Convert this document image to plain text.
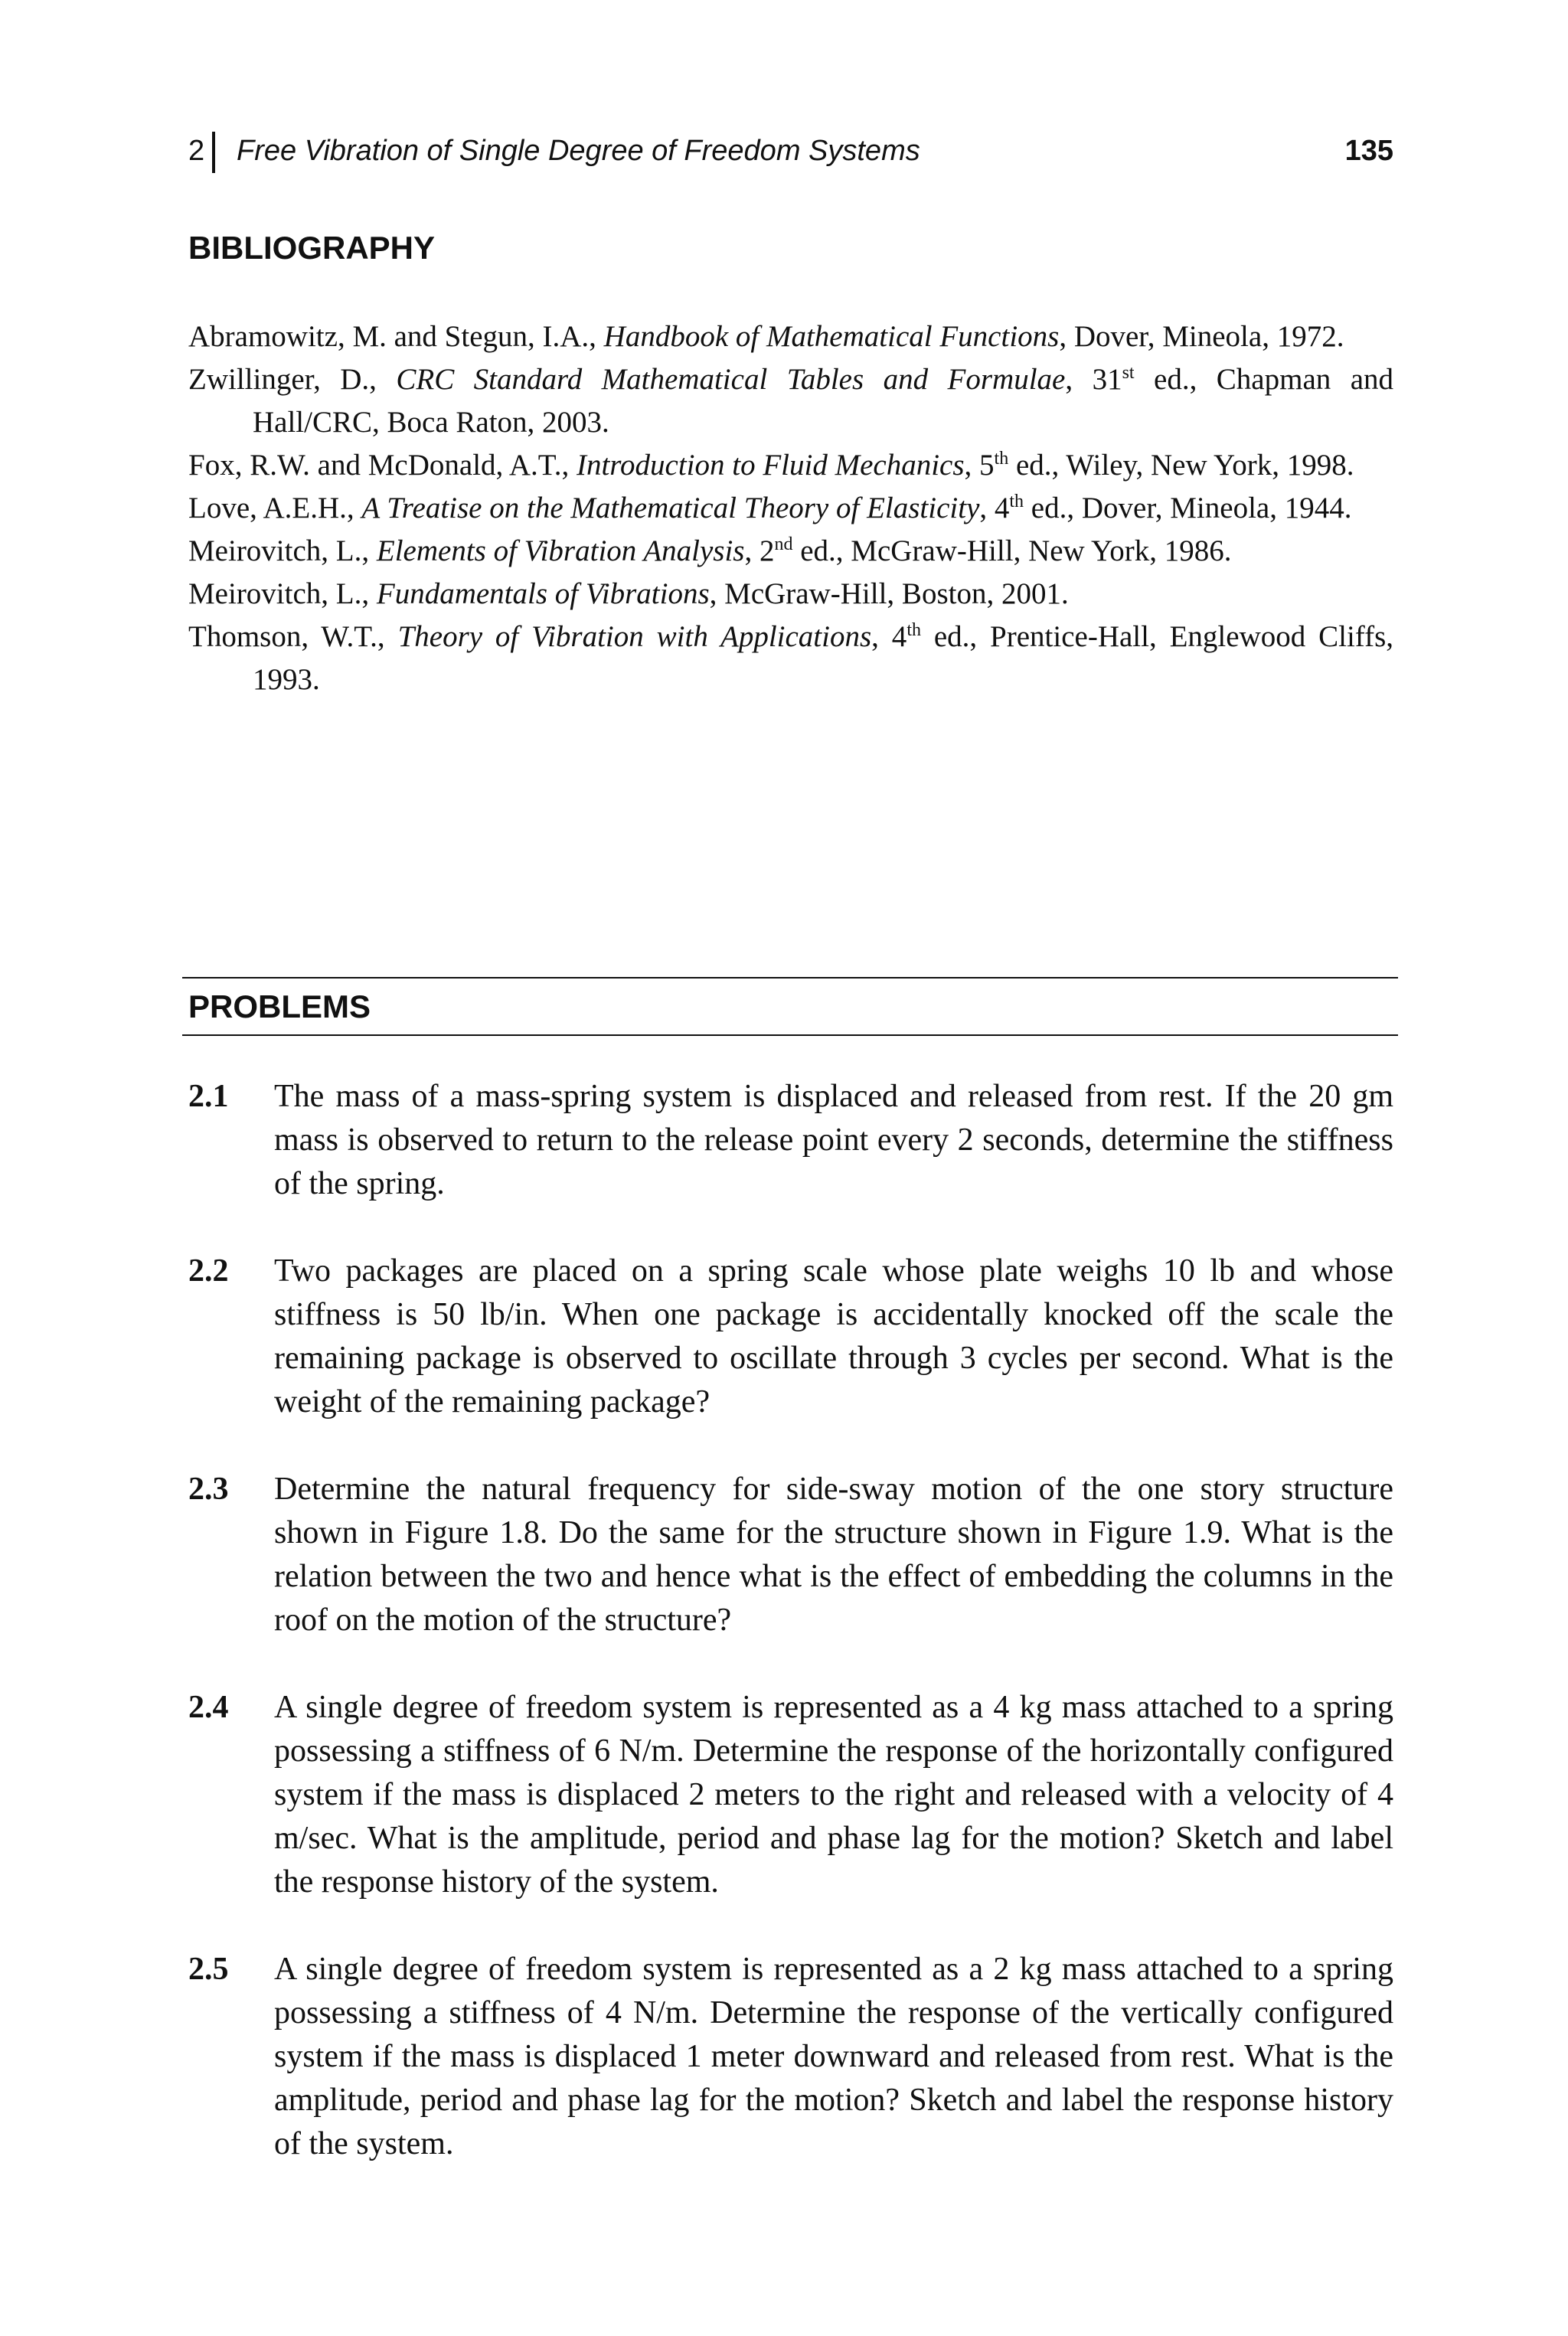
2 Free Vibration of Single Degree of Freedom Systems	135
BIBLIOGRAPHY

Abramowitz, M. and Stegun, I.A., Handbook of Mathematical Functions, Dover, Mineola, 1972.

Zwillinger, D., CRC Standard Mathematical Tables and Formulae, 31st ed., Chapman and Hall/CRC, Boca Raton, 2003.

Fox, R.W. and McDonald, A.T., Introduction to Fluid Mechanics, 5th ed., Wiley, New York, 1998.

Love, A.E.H., A Treatise on the Mathematical Theory of Elasticity, 4th ed., Dover, Mineola, 1944.

Meirovitch, L., Elements of Vibration Analysis, 2nd ed., McGraw-Hill, New York, 1986.

Meirovitch, L., Fundamentals of Vibrations, McGraw-Hill, Boston, 2001.

Thomson, W.T., Theory of Vibration with Applications, 4th ed., Prentice-Hall, Englewood Cliffs, 1993.

PROBLEMS
2.1	The mass of a mass-spring system is displaced and released from rest. If the 20 gm mass is observed to return to the release point every 2 seconds, determine the stiffness of the spring.
2.2	Two packages are placed on a spring scale whose plate weighs 10 lb and whose stiffness is 50 lb/in. When one package is accidentally knocked off the scale the remaining package is observed to oscillate through 3 cycles per second. What is the weight of the remaining package?
2.3	Determine the natural frequency for side-sway motion of the one story structure shown in Figure 1.8. Do the same for the structure shown in Figure 1.9. What is the relation between the two and hence what is the effect of embedding the columns in the roof on the motion of the structure?
2.4	A single degree of freedom system is represented as a 4 kg mass attached to a spring possessing a stiffness of 6 N/m. Determine the response of the horizontally configured system if the mass is displaced 2 meters to the right and released with a velocity of 4 m/sec. What is the amplitude, period and phase lag for the motion? Sketch and label the response history of the system.
2.5	A single degree of freedom system is represented as a 2 kg mass attached to a spring possessing a stiffness of 4 N/m. Determine the response of the vertically configured system if the mass is displaced 1 meter downward and released from rest. What is the amplitude, period and phase lag for the motion? Sketch and label the response history of the system.
